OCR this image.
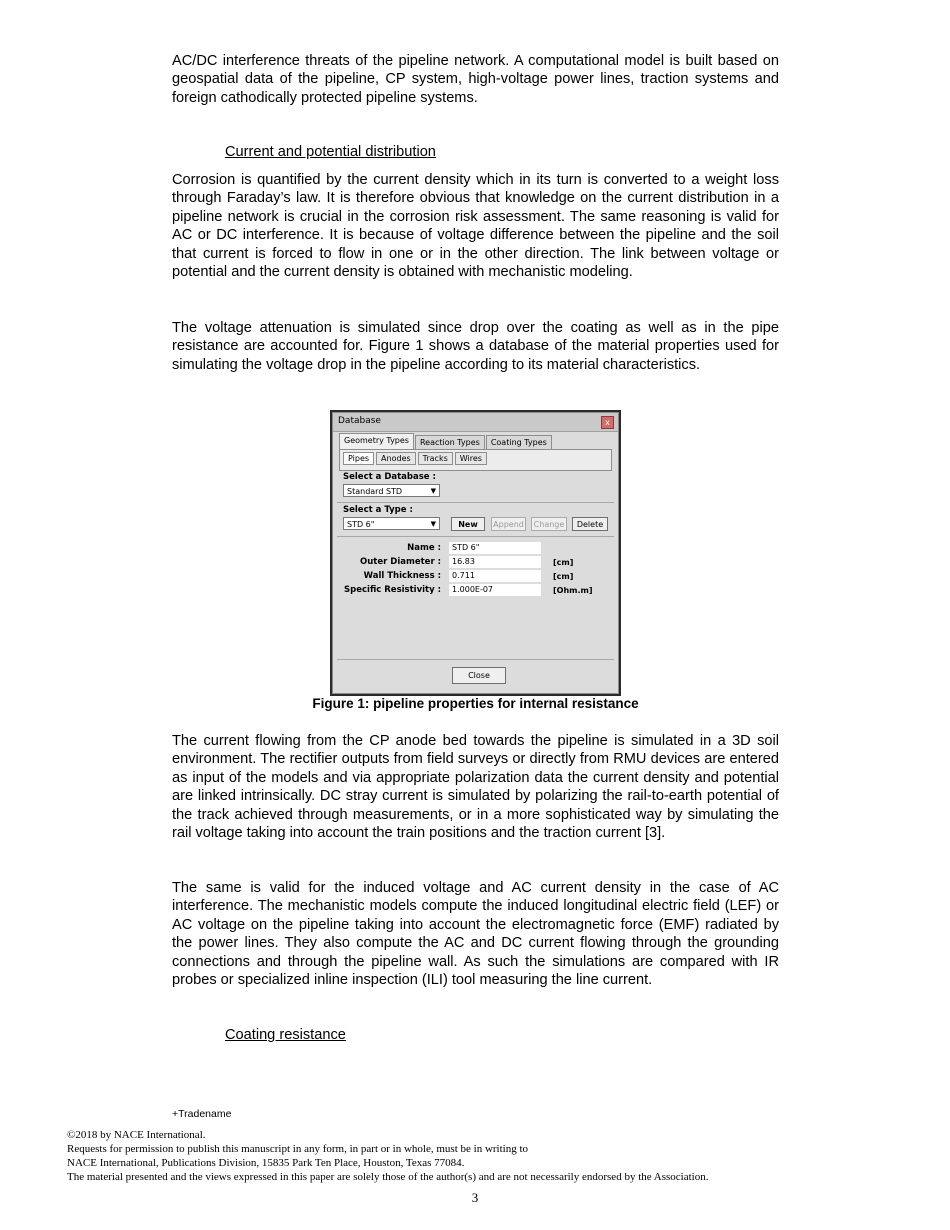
AC/DC interference threats of the pipeline network. A computational model is built based on geospatial data of the pipeline, CP system, high-voltage power lines, traction systems and foreign cathodically protected pipeline systems.

Current and potential distribution

Corrosion is quantified by the current density which in its turn is converted to a weight loss through Faraday’s law. It is therefore obvious that knowledge on the current distribution in a pipeline network is crucial in the corrosion risk assessment. The same reasoning is valid for AC or DC interference. It is because of voltage difference between the pipeline and the soil that current is forced to flow in one or in the other direction. The link between voltage or potential and the current density is obtained with mechanistic modeling.

The voltage attenuation is simulated since drop over the coating as well as in the pipe resistance are accounted for. Figure 1 shows a database of the material properties used for simulating the voltage drop in the pipeline according to its material characteristics.

Database	x
Geometry Types	Reaction Types	Coating Types
Pipes	Anodes	Tracks	Wires
Select a Database :
Standard STD	▼
Select a Type :
STD 6"	▼	New	Append	Change	Delete
Name :	STD 6"
Outer Diameter :	16.83	[cm]
Wall Thickness :	0.711	[cm]
Specific Resistivity :	1.000E-07	[Ohm.m]
Close
Figure 1: pipeline properties for internal resistance

The current flowing from the CP anode bed towards the pipeline is simulated in a 3D soil environment. The rectifier outputs from field surveys or directly from RMU devices are entered as input of the models and via appropriate polarization data the current density and potential are linked intrinsically. DC stray current is simulated by polarizing the rail-to-earth potential of the track achieved through measurements, or in a more sophisticated way by simulating the rail voltage taking into account the train positions and the traction current [3].

The same is valid for the induced voltage and AC current density in the case of AC interference. The mechanistic models compute the induced longitudinal electric field (LEF) or AC voltage on the pipeline taking into account the electromagnetic force (EMF) radiated by the power lines. They also compute the AC and DC current flowing through the grounding connections and through the pipeline wall. As such the simulations are compared with IR probes or specialized inline inspection (ILI) tool measuring the line current.

Coating resistance

+Tradename
©2018 by NACE International.
Requests for permission to publish this manuscript in any form, in part or in whole, must be in writing to
NACE International, Publications Division, 15835 Park Ten Place, Houston, Texas 77084.
The material presented and the views expressed in this paper are solely those of the author(s) and are not necessarily endorsed by the Association.
3
